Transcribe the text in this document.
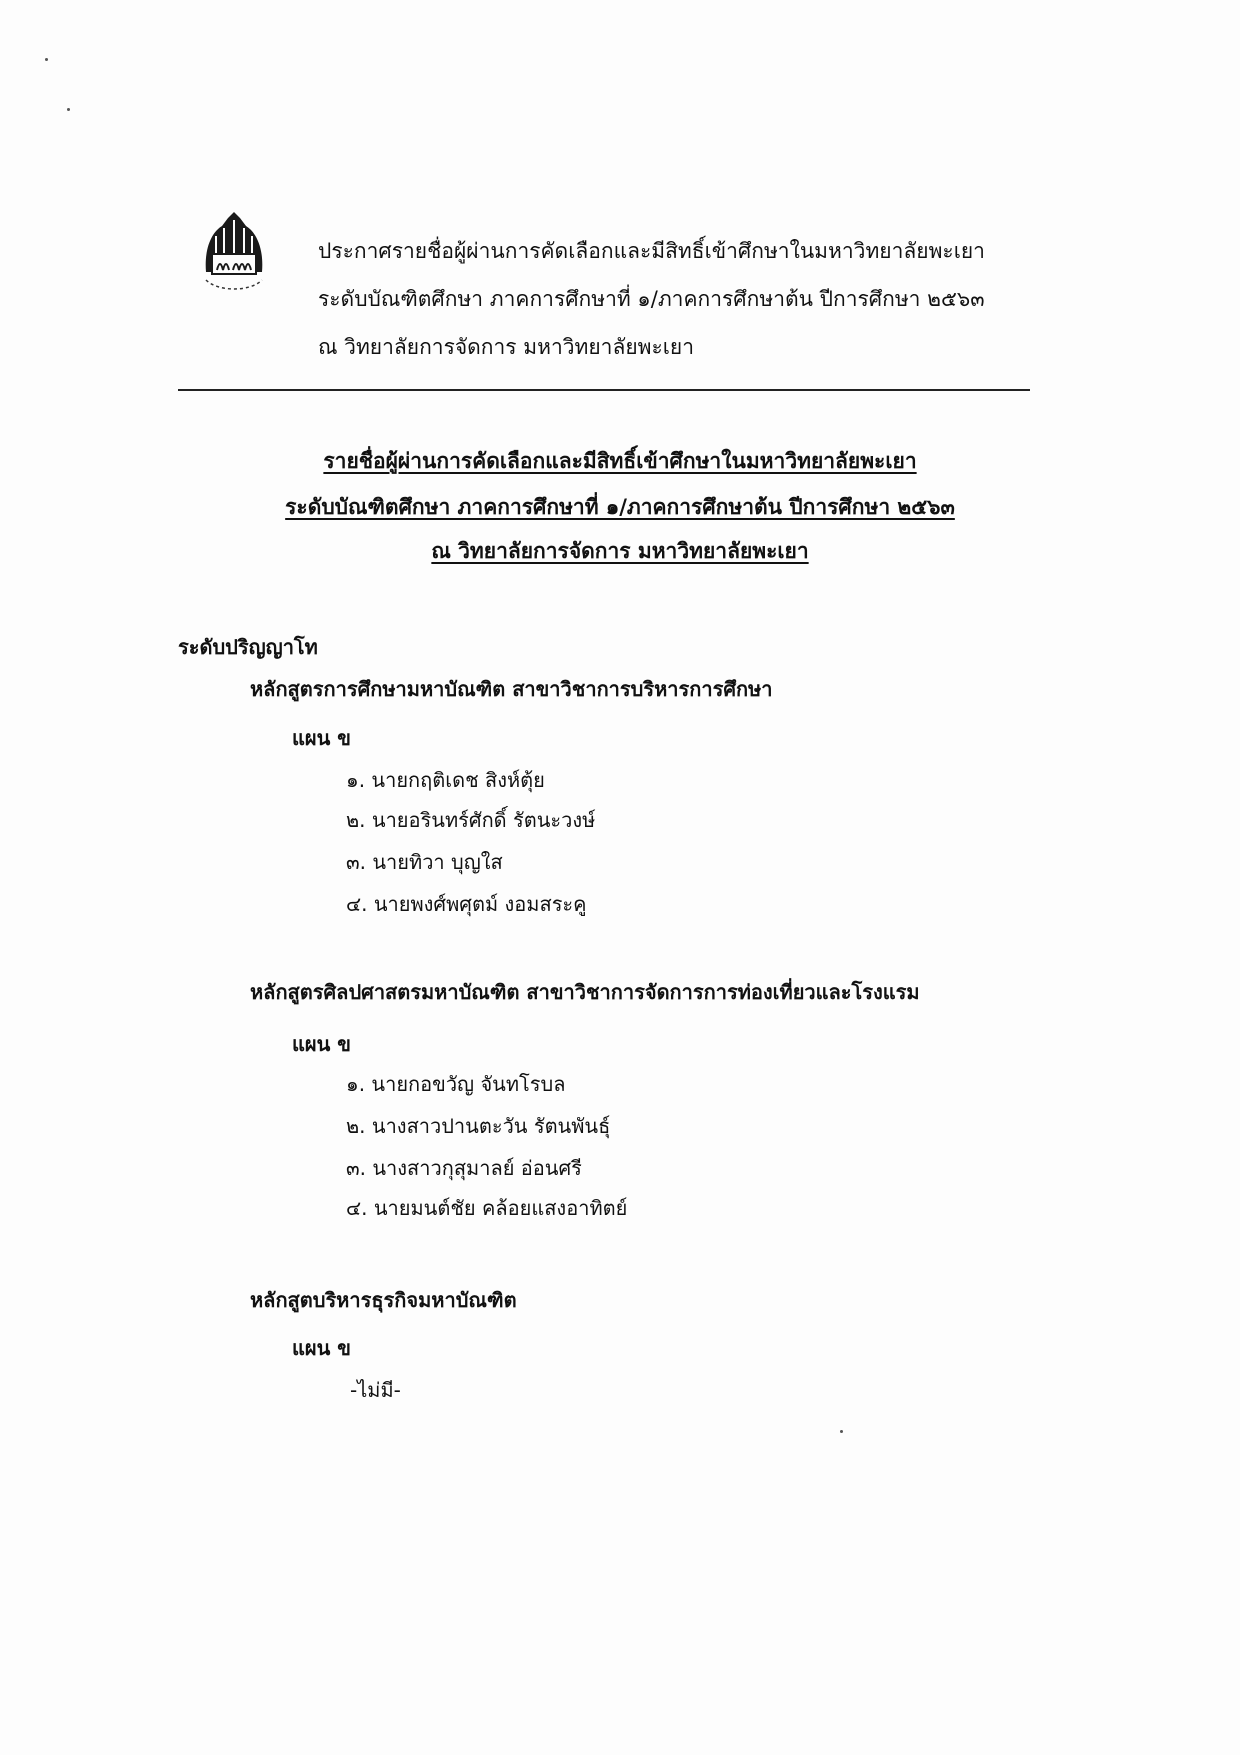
ประกาศรายชื่อผู้ผ่านการคัดเลือกและมีสิทธิ์เข้าศึกษาในมหาวิทยาลัยพะเยา
ระดับบัณฑิตศึกษา ภาคการศึกษาที่ ๑/ภาคการศึกษาต้น ปีการศึกษา ๒๕๖๓
ณ วิทยาลัยการจัดการ มหาวิทยาลัยพะเยา
รายชื่อผู้ผ่านการคัดเลือกและมีสิทธิ์เข้าศึกษาในมหาวิทยาลัยพะเยา
ระดับบัณฑิตศึกษา ภาคการศึกษาที่ ๑/ภาคการศึกษาต้น ปีการศึกษา ๒๕๖๓
ณ วิทยาลัยการจัดการ มหาวิทยาลัยพะเยา
ระดับปริญญาโท
หลักสูตรการศึกษามหาบัณฑิต สาขาวิชาการบริหารการศึกษา
แผน ข
๑. นายกฤติเดช สิงห์ตุ้ย
๒. นายอรินทร์ศักดิ์ รัตนะวงษ์
๓. นายทิวา บุญใส
๔. นายพงศ์พศุตม์ งอมสระคู
หลักสูตรศิลปศาสตรมหาบัณฑิต สาขาวิชาการจัดการการท่องเที่ยวและโรงแรม
แผน ข
๑. นายกอขวัญ จันทโรบล
๒. นางสาวปานตะวัน รัตนพันธุ์
๓. นางสาวกุสุมาลย์ อ่อนศรี
๔. นายมนต์ชัย คล้อยแสงอาทิตย์
หลักสูตบริหารธุรกิจมหาบัณฑิต
แผน ข
-ไม่มี-
